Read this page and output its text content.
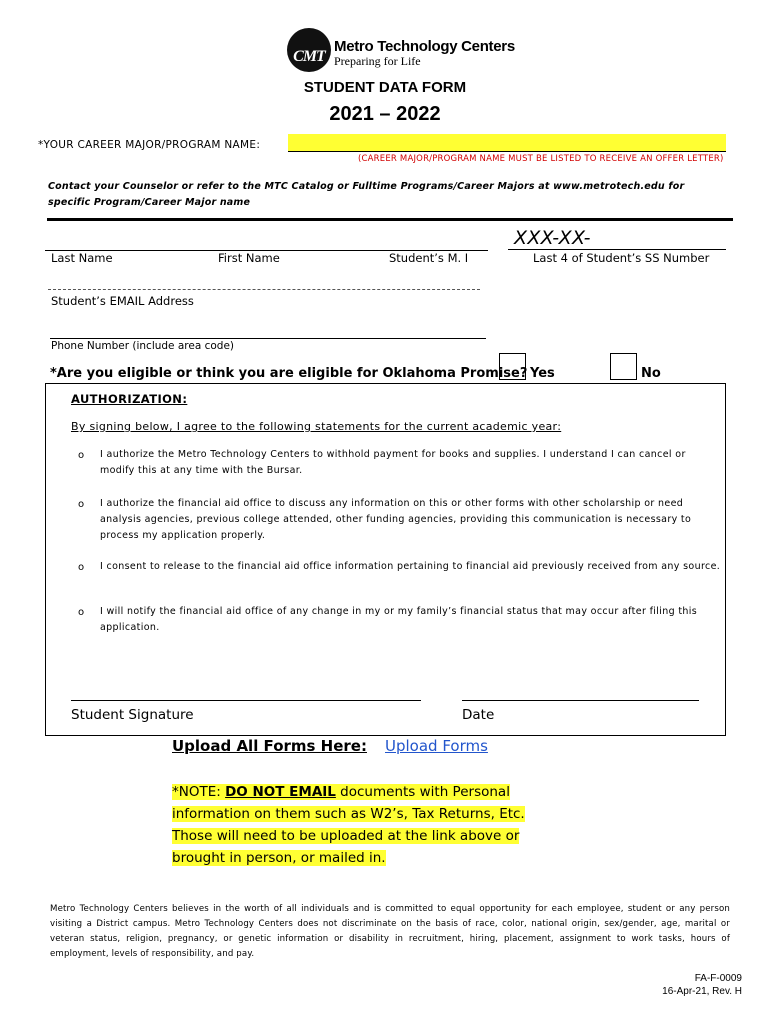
CMT
Metro Technology Centers
Preparing for Life
STUDENT DATA FORM
2021 – 2022
*YOUR CAREER MAJOR/PROGRAM NAME:
(CAREER MAJOR/PROGRAM NAME MUST BE LISTED TO RECEIVE AN OFFER LETTER)
Contact your Counselor or refer to the MTC Catalog or Fulltime Programs/Career Majors at www.metrotech.edu for specific Program/Career Major name
XXX-XX-
Last Name	First Name	Student’s M. I	Last 4 of Student’s SS Number
Student’s EMAIL Address
Phone Number (include area code)
*Are you eligible or think you are eligible for Oklahoma Promise? Yes	No
AUTHORIZATION:
By signing below, I agree to the following statements for the current academic year:
o I authorize the Metro Technology Centers to withhold payment for books and supplies. I understand I can cancel or modify this at any time with the Bursar.
o I authorize the financial aid office to discuss any information on this or other forms with other scholarship or need analysis agencies, previous college attended, other funding agencies, providing this communication is necessary to process my application properly.
o I consent to release to the financial aid office information pertaining to financial aid previously received from any source.
o I will notify the financial aid office of any change in my or my family’s financial status that may occur after filing this application.
Student Signature	Date
Upload All Forms Here: Upload Forms
*NOTE: DO NOT EMAIL documents with Personal information on them such as W2’s, Tax Returns, Etc. Those will need to be uploaded at the link above or brought in person, or mailed in.
Metro Technology Centers believes in the worth of all individuals and is committed to equal opportunity for each employee, student or any person visiting a District campus. Metro Technology Centers does not discriminate on the basis of race, color, national origin, sex/gender, age, marital or veteran status, religion, pregnancy, or genetic information or disability in recruitment, hiring, placement, assignment to work tasks, hours of employment, levels of responsibility, and pay.
FA-F-0009
16-Apr-21, Rev. H
